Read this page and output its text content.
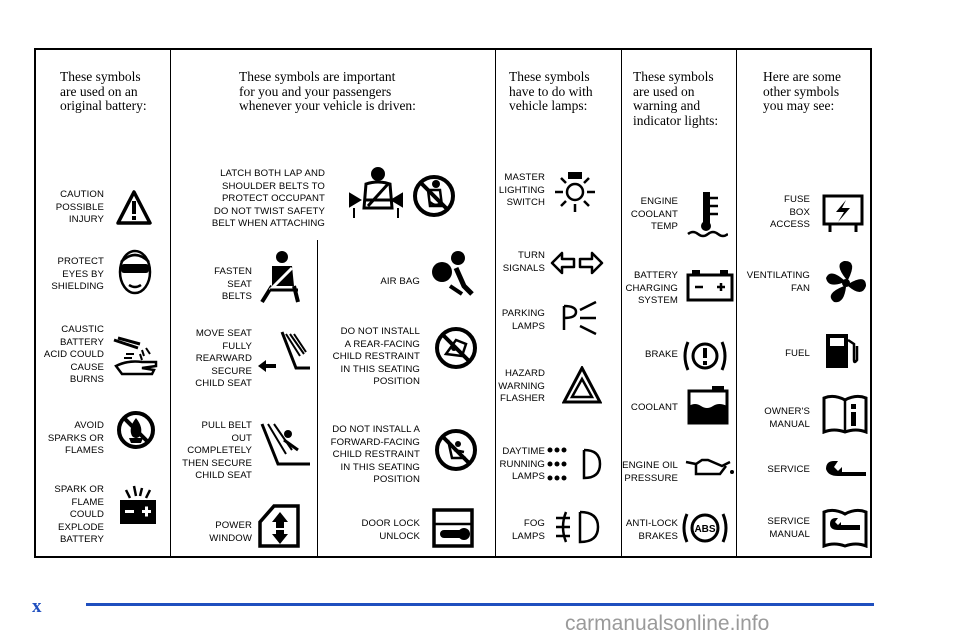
These symbols
are used on an
original battery:
These symbols are important
for you and your passengers
whenever your vehicle is driven:
These symbols
have to do with
vehicle lamps:
These symbols
are used on
warning and
indicator lights:
Here are some
other symbols
you may see:
CAUTION
POSSIBLE
INJURY
PROTECT
EYES BY
SHIELDING
CAUSTIC
BATTERY
ACID COULD
CAUSE
BURNS
AVOID
SPARKS OR
FLAMES
SPARK OR
FLAME
COULD
EXPLODE
BATTERY
LATCH BOTH LAP AND
SHOULDER BELTS TO
PROTECT OCCUPANT
DO NOT TWIST SAFETY
BELT WHEN ATTACHING
FASTEN
SEAT
BELTS
MOVE SEAT
FULLY
REARWARD
SECURE
CHILD SEAT
PULL BELT
OUT
COMPLETELY
THEN SECURE
CHILD SEAT
POWER
WINDOW
AIR BAG
DO NOT INSTALL
A REAR-FACING
CHILD RESTRAINT
IN THIS SEATING
POSITION
DO NOT INSTALL A
FORWARD-FACING
CHILD RESTRAINT
IN THIS SEATING
POSITION
DOOR LOCK
UNLOCK
MASTER
LIGHTING
SWITCH
TURN
SIGNALS
PARKING
LAMPS
HAZARD
WARNING
FLASHER
DAYTIME
RUNNING
LAMPS
FOG
LAMPS
ENGINE
COOLANT
TEMP
BATTERY
CHARGING
SYSTEM
BRAKE
COOLANT
ENGINE OIL
PRESSURE
ANTI-LOCK
BRAKES
ABS
FUSE
BOX
ACCESS
VENTILATING
FAN
FUEL
OWNER'S
MANUAL
SERVICE
SERVICE
MANUAL
x
carmanualsonline.info
